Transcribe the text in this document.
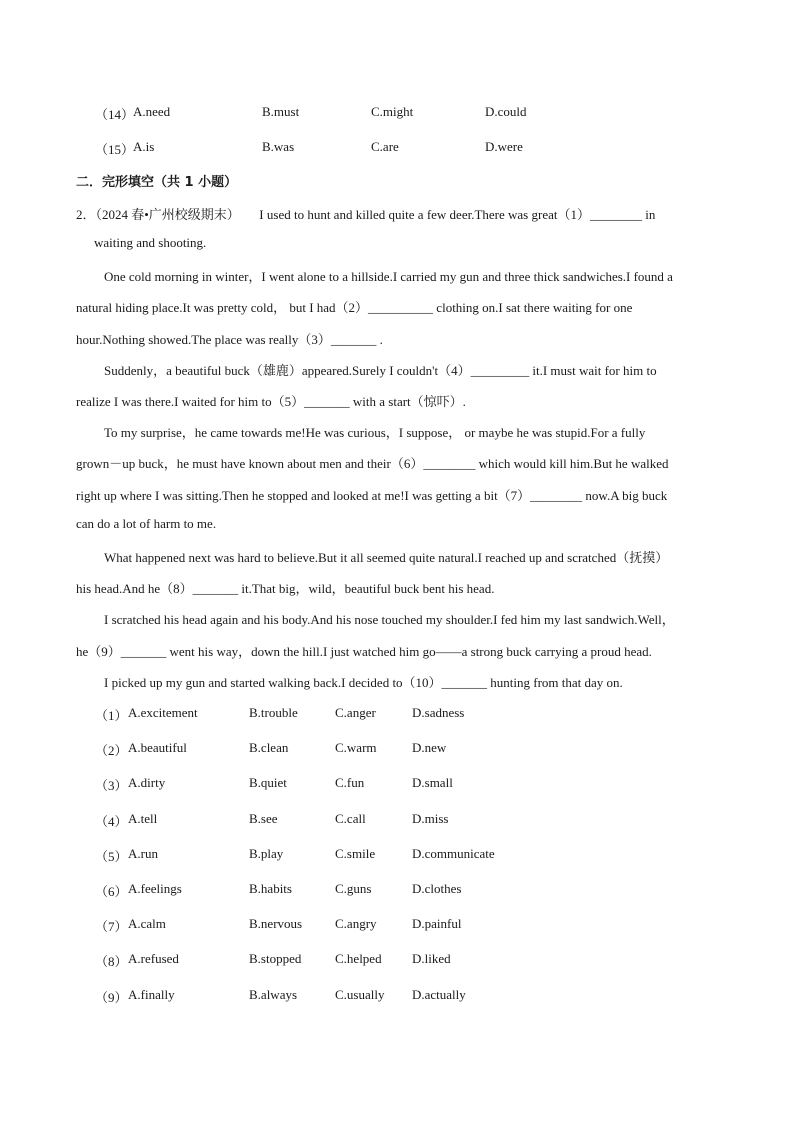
（14）
A.need	B.must	C.might	D.could
（15）
A.is	B.was	C.are	D.were
二．完形填空（共 1 小题）
2．（2024 春•广州校级期末）　　I used to hunt and killed quite a few deer.There was great（1）________ in
waiting and shooting.
One cold morning in winter，I went alone to a hillside.I carried my gun and three thick sandwiches.I found a
natural hiding place.It was pretty cold， but I had（2）__________ clothing on.I sat there waiting for one
hour.Nothing showed.The place was really（3）_______ .
Suddenly，a beautiful buck（雄鹿）appeared.Surely I couldn't（4）_________ it.I must wait for him to
realize I was there.I waited for him to（5）_______ with a start（惊吓）.
To my surprise，he came towards me!He was curious，I suppose， or maybe he was stupid.For a fully
grown－up buck，he must have known about men and their（6）________ which would kill him.But he walked
right up where I was sitting.Then he stopped and looked at me!I was getting a bit（7）________ now.A big buck
can do a lot of harm to me.
What happened next was hard to believe.But it all seemed quite natural.I reached up and scratched（抚摸）
his head.And he（8）_______ it.That big，wild，beautiful buck bent his head.
I scratched his head again and his body.And his nose touched my shoulder.I fed him my last sandwich.Well，
he（9）_______ went his way，down the hill.I just watched him go——a strong buck carrying a proud head.
I picked up my gun and started walking back.I decided to（10）_______ hunting from that day on.
（1） A.excitement	B.trouble	C.anger	D.sadness
（2） A.beautiful	B.clean	C.warm	D.new
（3） A.dirty	B.quiet	C.fun	D.small
（4） A.tell	B.see	C.call	D.miss
（5） A.run	B.play	C.smile	D.communicate
（6） A.feelings	B.habits	C.guns	D.clothes
（7） A.calm	B.nervous	C.angry	D.painful
（8） A.refused	B.stopped	C.helped D.liked
（9） A.finally	B.always	C.usually D.actually
